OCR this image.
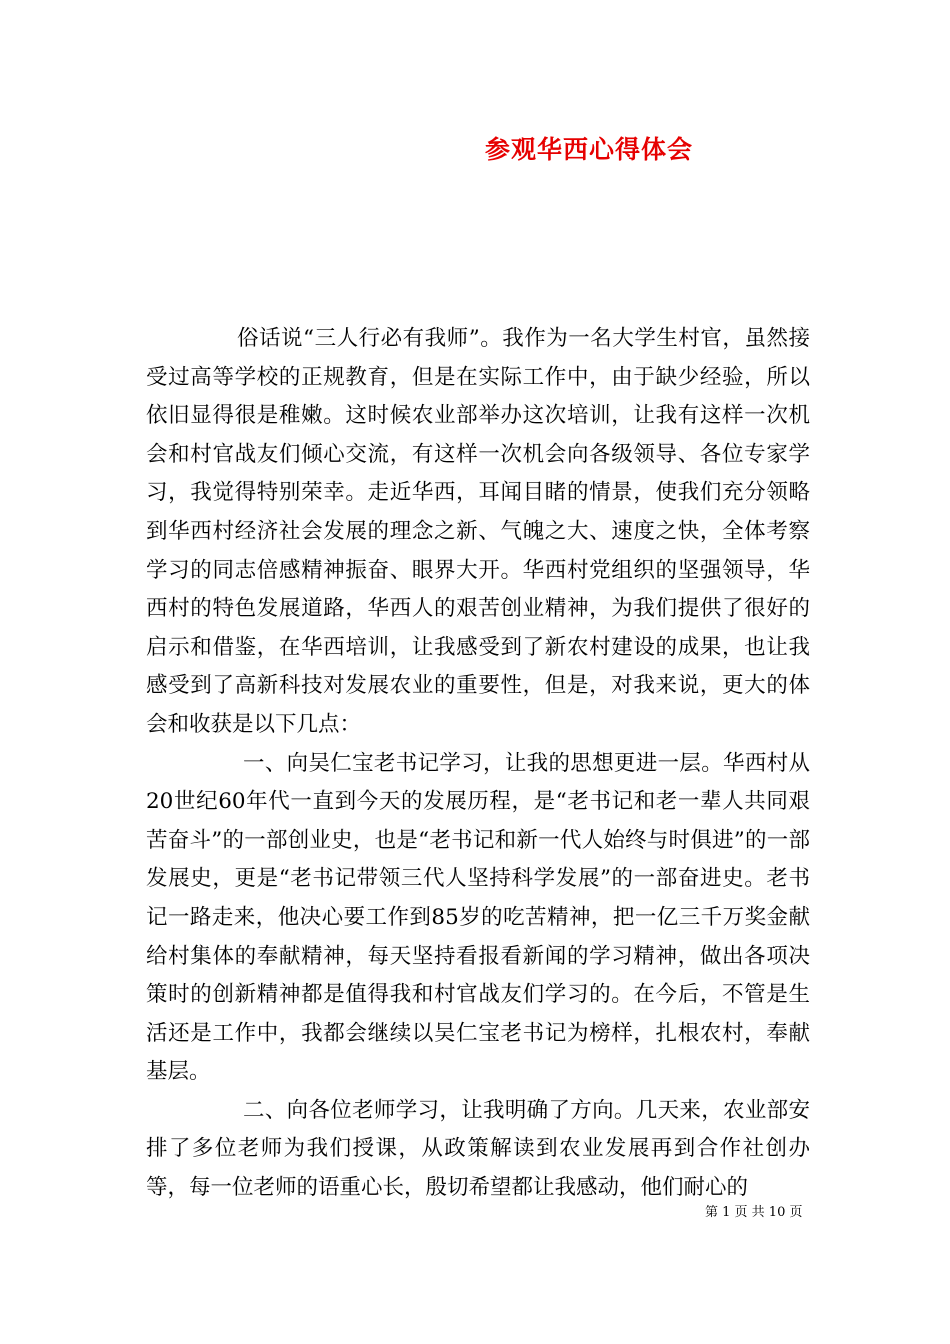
参观华西心得体会

俗话说“三人行必有我师”。我作为一名大学生村官，虽然接受过高等学校的正规教育，但是在实际工作中，由于缺少经验，所以依旧显得很是稚嫩。这时候农业部举办这次培训，让我有这样一次机会和村官战友们倾心交流，有这样一次机会向各级领导、各位专家学习，我觉得特别荣幸。走近华西，耳闻目睹的情景，使我们充分领略到华西村经济社会发展的理念之新、气魄之大、速度之快，全体考察学习的同志倍感精神振奋、眼界大开。华西村党组织的坚强领导，华西村的特色发展道路，华西人的艰苦创业精神，为我们提供了很好的启示和借鉴，在华西培训，让我感受到了新农村建设的成果，也让我感受到了高新科技对发展农业的重要性，但是，对我来说，更大的体会和收获是以下几点：

一、向吴仁宝老书记学习，让我的思想更进一层。华西村从20世纪60年代一直到今天的发展历程，是“老书记和老一辈人共同艰苦奋斗”的一部创业史，也是“老书记和新一代人始终与时俱进”的一部发展史，更是“老书记带领三代人坚持科学发展”的一部奋进史。老书记一路走来，他决心要工作到85岁的吃苦精神，把一亿三千万奖金献给村集体的奉献精神，每天坚持看报看新闻的学习精神，做出各项决策时的创新精神都是值得我和村官战友们学习的。在今后，不管是生活还是工作中，我都会继续以吴仁宝老书记为榜样，扎根农村，奉献基层。

二、向各位老师学习，让我明确了方向。几天来，农业部安排了多位老师为我们授课，从政策解读到农业发展再到合作社创办等，每一位老师的语重心长，殷切希望都让我感动，他们耐心的

第 1 页 共 10 页
